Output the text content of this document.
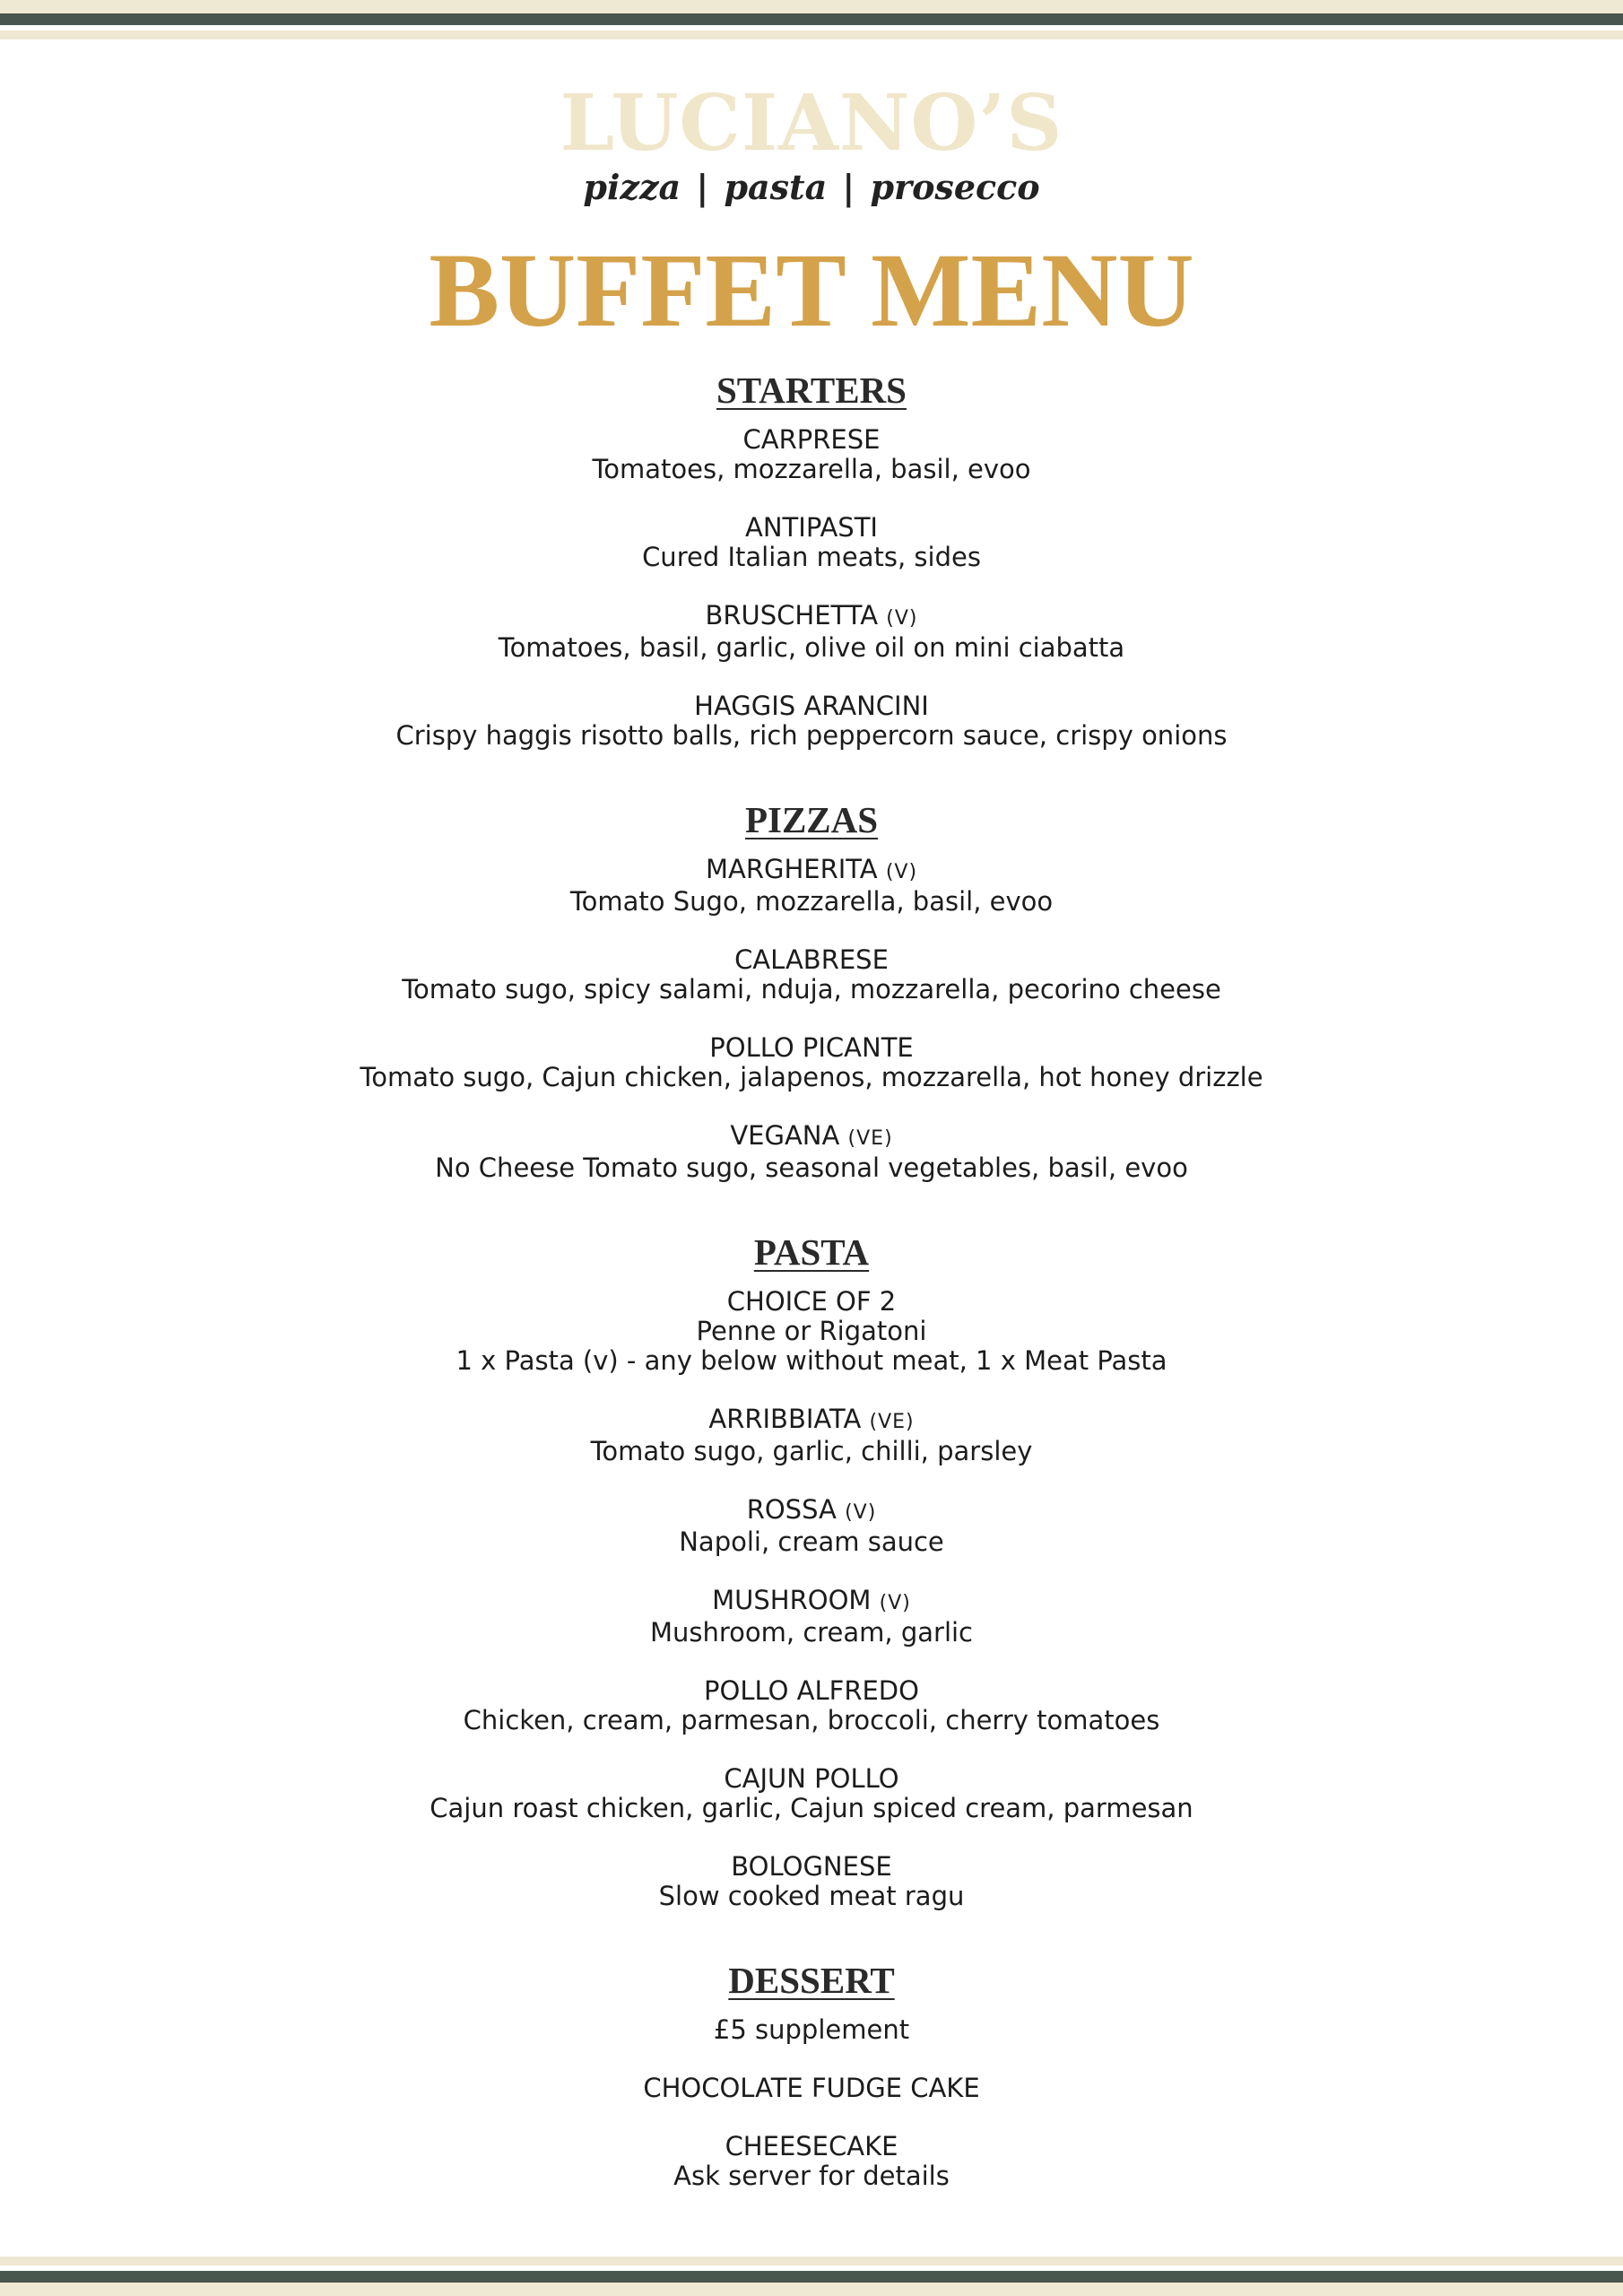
LUCIANO’S
pizza | pasta | prosecco
BUFFET MENU
STARTERS
CARPRESE
Tomatoes, mozzarella, basil, evoo
ANTIPASTI
Cured Italian meats, sides
BRUSCHETTA (V)
Tomatoes, basil, garlic, olive oil on mini ciabatta
HAGGIS ARANCINI
Crispy haggis risotto balls, rich peppercorn sauce, crispy onions
PIZZAS
MARGHERITA (V)
Tomato Sugo, mozzarella, basil, evoo
CALABRESE
Tomato sugo, spicy salami, nduja, mozzarella, pecorino cheese
POLLO PICANTE
Tomato sugo, Cajun chicken, jalapenos, mozzarella, hot honey drizzle
VEGANA (VE)
No Cheese Tomato sugo, seasonal vegetables, basil, evoo
PASTA
CHOICE OF 2
Penne or Rigatoni
1 x Pasta (v) - any below without meat, 1 x Meat Pasta
ARRIBBIATA (VE)
Tomato sugo, garlic, chilli, parsley
ROSSA (V)
Napoli, cream sauce
MUSHROOM (V)
Mushroom, cream, garlic
POLLO ALFREDO
Chicken, cream, parmesan, broccoli, cherry tomatoes
CAJUN POLLO
Cajun roast chicken, garlic, Cajun spiced cream, parmesan
BOLOGNESE
Slow cooked meat ragu
DESSERT
£5 supplement
CHOCOLATE FUDGE CAKE
CHEESECAKE
Ask server for details
